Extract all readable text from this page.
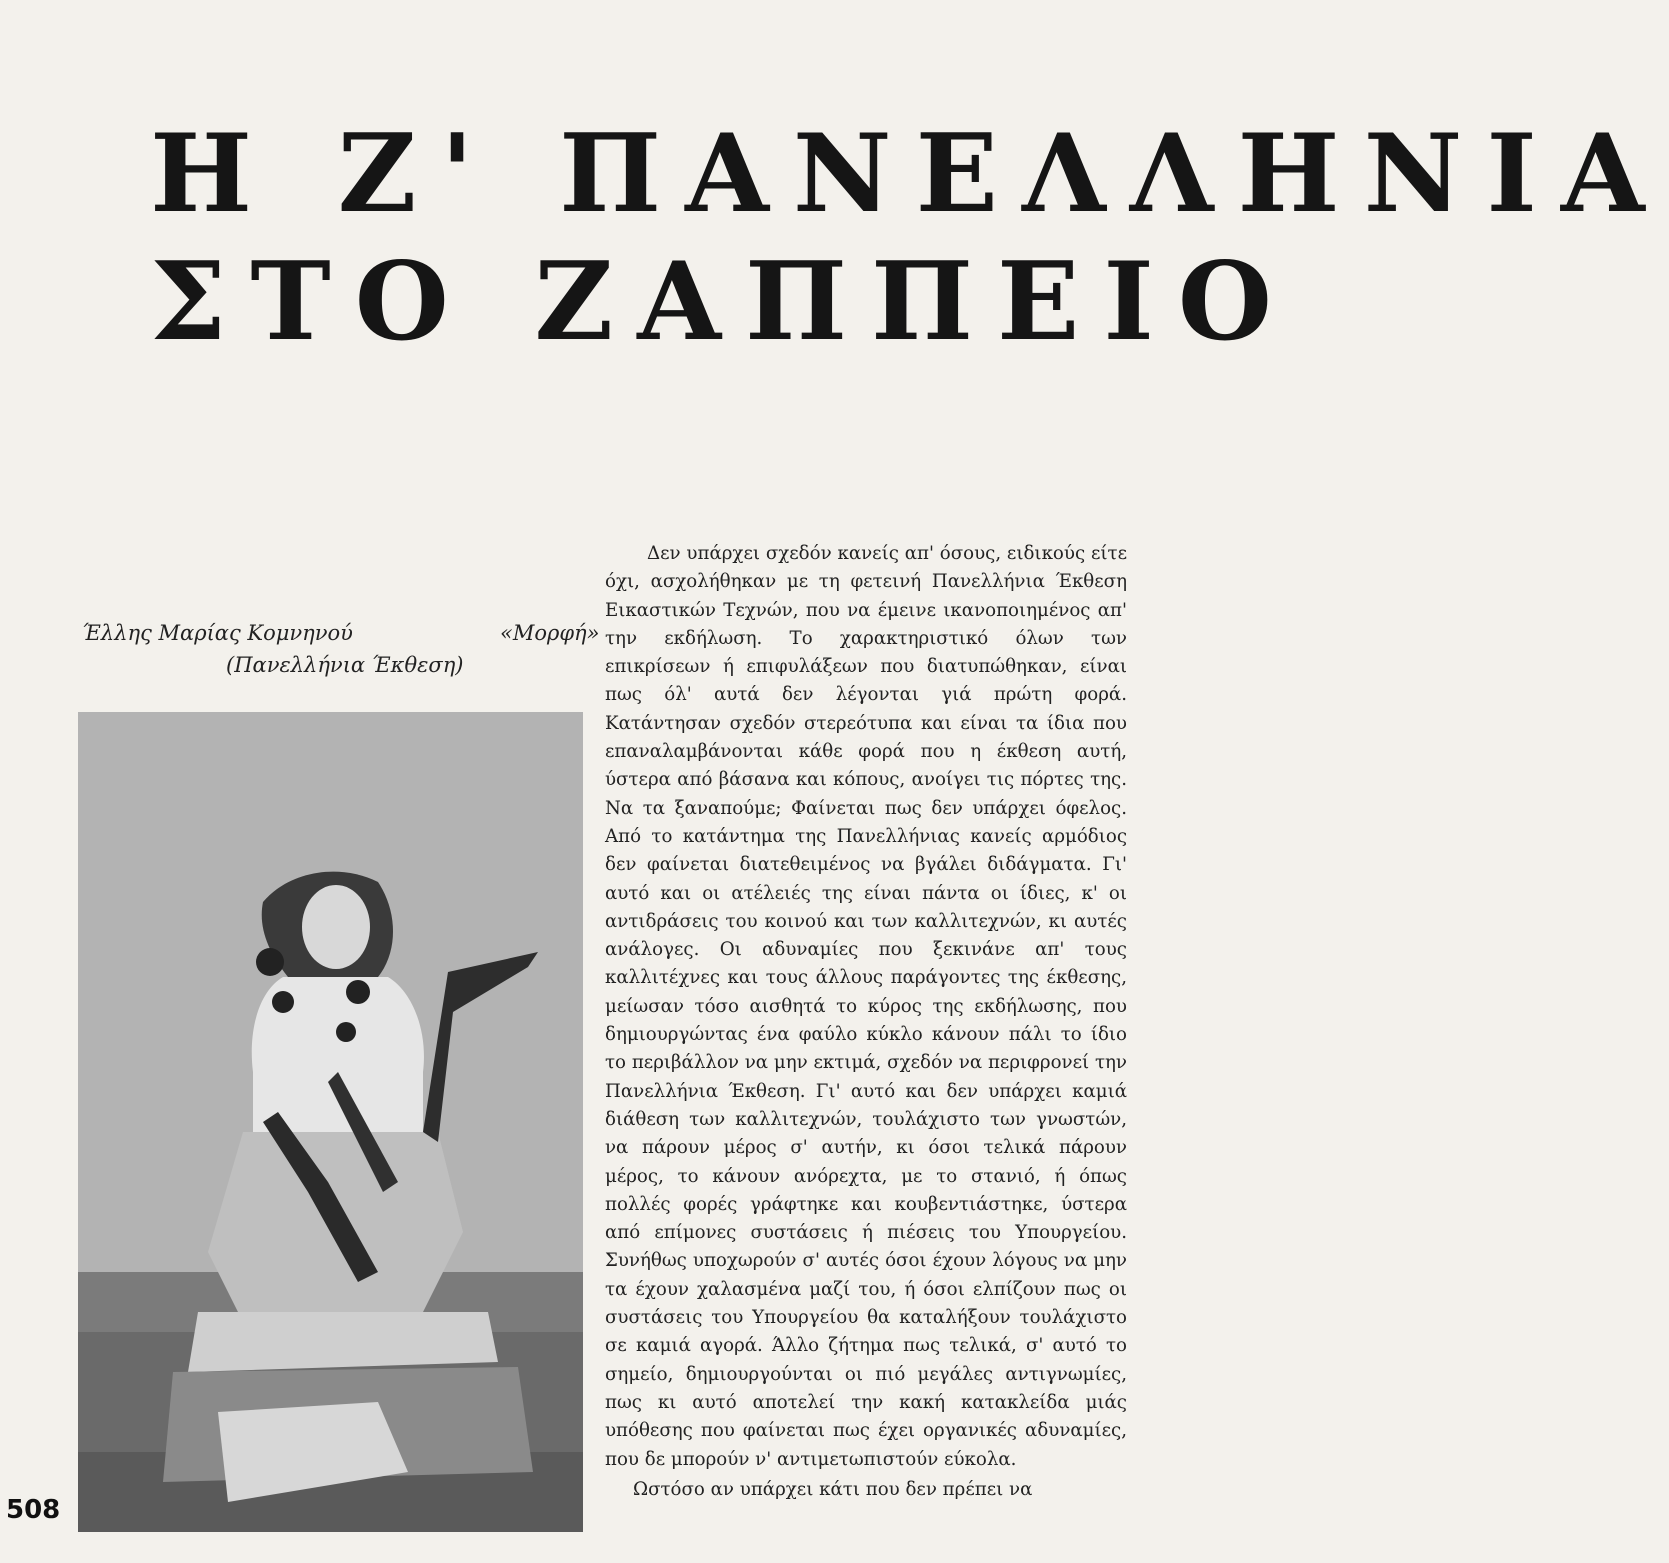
Η Ζ' ΠΑΝΕΛΛΗΝΙΑ
ΣΤΟ ΖΑΠΠΕΙΟ
Έλλης Μαρίας Κομνηνού	«Μορφή»
(Πανελλήνια Έκθεση)

Δεν υπάρχει σχεδόν κανείς απ' όσους, ειδικούς είτε όχι, ασχολήθηκαν με τη φετεινή Πανελλήνια Έκθεση Εικαστικών Τεχνών, που να έμεινε ικανοποιημένος απ' την εκδήλωση. Το χαρακτηριστικό όλων των επικρίσεων ή επιφυλάξεων που διατυπώθηκαν, είναι πως όλ' αυτά δεν λέγονται γιά πρώτη φορά. Κατάντησαν σχεδόν στερεότυπα και είναι τα ίδια που επαναλαμβάνονται κάθε φορά που η έκθεση αυτή, ύστερα από βάσανα και κόπους, ανοίγει τις πόρτες της. Να τα ξαναπούμε; Φαίνεται πως δεν υπάρχει όφελος. Από το κατάντημα της Πανελλήνιας κανείς αρμόδιος δεν φαίνεται διατεθειμένος να βγάλει διδάγματα. Γι' αυτό και οι ατέλειές της είναι πάντα οι ίδιες, κ' οι αντιδράσεις του κοινού και των καλλιτεχνών, κι αυτές ανάλογες. Οι αδυναμίες που ξεκινάνε απ' τους καλλιτέχνες και τους άλλους παράγοντες της έκθεσης, μείωσαν τόσο αισθητά το κύρος της εκδήλωσης, που δημιουργώντας ένα φαύλο κύκλο κάνουν πάλι το ίδιο το περιβάλλον να μην εκτιμά, σχεδόν να περιφρονεί την Πανελλήνια Έκθεση. Γι' αυτό και δεν υπάρχει καμιά διάθεση των καλλιτεχνών, τουλάχιστο των γνωστών, να πάρουν μέρος σ' αυτήν, κι όσοι τελικά πάρουν μέρος, το κάνουν ανόρεχτα, με το στανιό, ή όπως πολλές φορές γράφτηκε και κουβεντιάστηκε, ύστερα από επίμονες συστάσεις ή πιέσεις του Υπουργείου. Συνήθως υποχωρούν σ' αυτές όσοι έχουν λόγους να μην τα έχουν χαλασμένα μαζί του, ή όσοι ελπίζουν πως οι συστάσεις του Υπουργείου θα καταλήξουν τουλάχιστο σε καμιά αγορά. Άλλο ζήτημα πως τελικά, σ' αυτό το σημείο, δημιουργούνται οι πιό μεγάλες αντιγνωμίες, πως κι αυτό αποτελεί την κακή κατακλείδα μιάς υπόθεσης που φαίνεται πως έχει οργανικές αδυναμίες, που δε μπορούν ν' αντιμετωπιστούν εύκολα.

Ωστόσο αν υπάρχει κάτι που δεν πρέπει να

508
